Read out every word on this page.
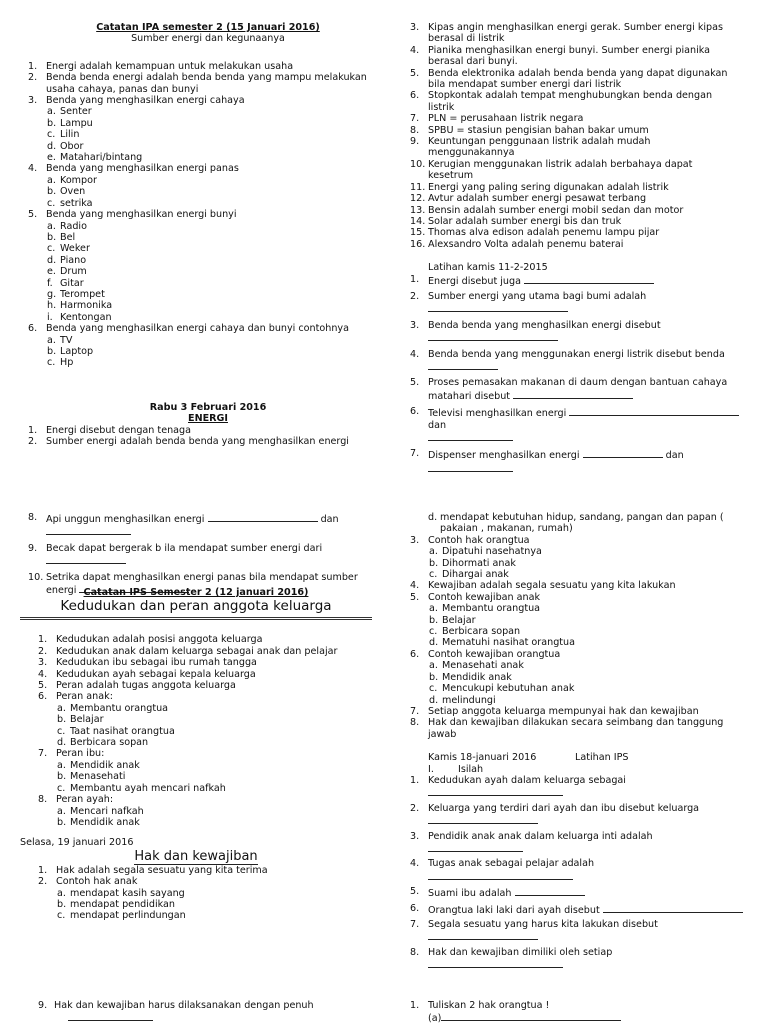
Catatan IPA semester 2 (15 Januari 2016)
Sumber energi dan kegunaanya
1. Energi adalah kemampuan untuk melakukan usaha
2. Benda benda energi adalah benda benda yang mampu melakukan usaha cahaya, panas dan bunyi
3. Benda yang menghasilkan energi cahaya
a. Senter
b. Lampu
c. Lilin
d. Obor
e. Matahari/bintang
4. Benda yang menghasilkan energi panas
a. Kompor
b. Oven
c. setrika
5. Benda yang menghasilkan energi bunyi
a. Radio
b. Bel
c. Weker
d. Piano
e. Drum
f. Gitar
g. Terompet
h. Harmonika
i. Kentongan
6. Benda yang menghasilkan energi cahaya dan bunyi contohnya
a. TV
b. Laptop
c. Hp
Rabu 3 Februari 2016
ENERGI
1. Energi disebut dengan tenaga
2. Sumber energi adalah benda benda yang menghasilkan energi
3. Kipas angin menghasilkan energi gerak. Sumber energi kipas berasal di listrik
4. Pianika menghasilkan energi bunyi. Sumber energi pianika berasal dari bunyi.
5. Benda elektronika adalah benda benda yang dapat digunakan bila mendapat sumber energi dari listrik
6. Stopkontak adalah tempat menghubungkan benda dengan listrik
7. PLN = perusahaan listrik negara
8. SPBU = stasiun pengisian bahan bakar umum
9. Keuntungan penggunaan listrik adalah mudah menggunakannya
10. Kerugian menggunakan listrik adalah berbahaya dapat kesetrum
11. Energi yang paling sering digunakan adalah listrik
12. Avtur adalah sumber energi pesawat terbang
13. Bensin adalah sumber energi mobil sedan dan motor
14. Solar adalah sumber energi bis dan truk
15. Thomas alva edison adalah penemu lampu pijar
16. Alexsandro Volta adalah penemu baterai
Latihan kamis 11-2-2015
1. Energi disebut juga
2. Sumber energi yang utama bagi bumi adalah
3. Benda benda yang menghasilkan energi disebut
4. Benda benda yang menggunakan energi listrik disebut benda
5. Proses pemasakan makanan di daum dengan bantuan cahaya matahari disebut
6. Televisi menghasilkan energi  dan
7. Dispenser menghasilkan energi	dan
8. Api unggun menghasilkan energi	dan
9. Becak dapat bergerak b ila mendapat sumber energi dari
10. Setrika dapat menghasilkan energi panas bila mendapat sumber energi Catatan IPS Semester 2 (12 januari 2016)
Kedudukan dan peran anggota keluarga
1. Kedudukan adalah posisi anggota keluarga
2. Kedudukan anak dalam keluarga sebagai anak dan pelajar
3. Kedudukan ibu sebagai ibu rumah tangga
4. Kedudukan ayah sebagai kepala keluarga
5. Peran adalah tugas anggota keluarga
6. Peran anak:
a. Membantu orangtua
b. Belajar
c. Taat nasihat orangtua
d. Berbicara sopan
7. Peran ibu:
a. Mendidik anak
b. Menasehati
c. Membantu ayah mencari nafkah
8. Peran ayah:
a. Mencari nafkah
b. Mendidik anak
Selasa, 19 januari 2016
Hak dan kewajiban
1. Hak adalah segala sesuatu yang kita terima
2. Contoh hak anak
a. mendapat kasih sayang
b. mendapat pendidikan
c. mendapat perlindungan
9. Hak dan kewajiban harus dilaksanakan dengan penuh
d. mendapat kebutuhan hidup, sandang, pangan dan papan ( pakaian , makanan, rumah)
3. Contoh hak orangtua
a. Dipatuhi nasehatnya
b. Dihormati anak
c. Dihargai anak
4. Kewajiban adalah segala sesuatu yang kita lakukan
5. Contoh kewajiban anak
a. Membantu orangtua
b. Belajar
c. Berbicara sopan
d. Mematuhi nasihat orangtua
6. Contoh kewajiban orangtua
a. Menasehati anak
b. Mendidik anak
c. Mencukupi kebutuhan anak
d. melindungi
7. Setiap anggota keluarga mempunyai hak dan kewajiban
8. Hak dan kewajiban dilakukan secara seimbang dan tanggung jawab
Kamis 18-januari 2016	Latihan IPS
I.	Isilah
1. Kedudukan ayah dalam keluarga sebagai
2. Keluarga yang terdiri dari ayah dan ibu disebut keluarga
3. Pendidik anak anak dalam keluarga inti adalah
4. Tugas anak sebagai pelajar adalah
5. Suami ibu adalah
6. Orangtua laki laki dari ayah disebut
7. Segala sesuatu yang harus kita lakukan disebut
8. Hak dan kewajiban dimiliki oleh setiap
1. Tuliskan 2 hak orangtua !
(a)
